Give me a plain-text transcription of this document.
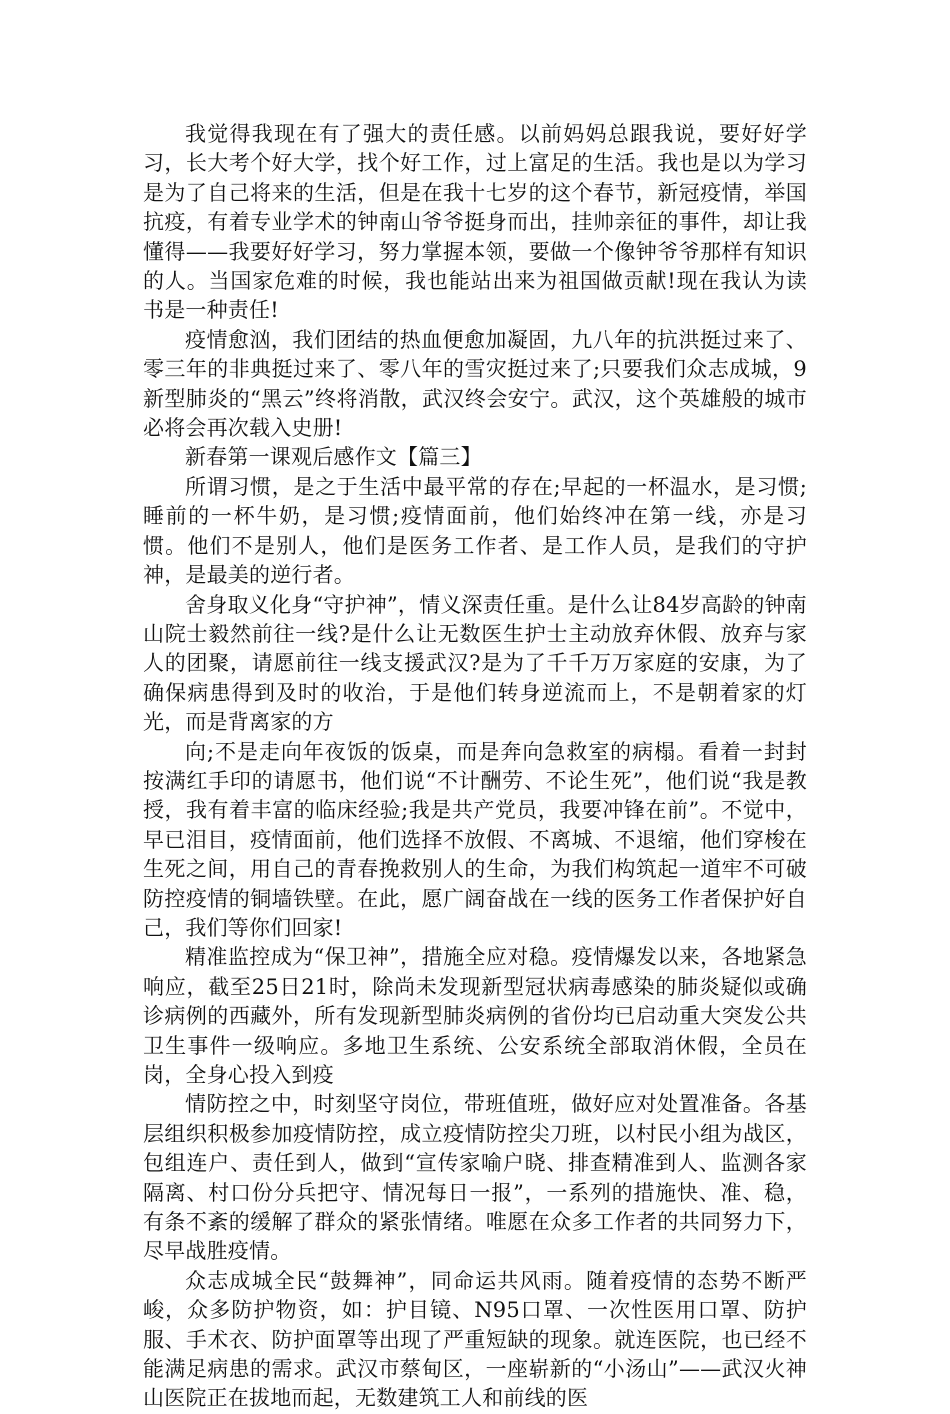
我觉得我现在有了强大的责任感。以前妈妈总跟我说，要好好学习，长大考个好大学，找个好工作，过上富足的生活。我也是以为学习是为了自己将来的生活，但是在我十七岁的这个春节，新冠疫情，举国抗疫，有着专业学术的钟南山爷爷挺身而出，挂帅亲征的事件，却让我懂得——我要好好学习，努力掌握本领，要做一个像钟爷爷那样有知识的人。当国家危难的时候，我也能站出来为祖国做贡献!现在我认为读书是一种责任!

疫情愈汹，我们团结的热血便愈加凝固，九八年的抗洪挺过来了、零三年的非典挺过来了、零八年的雪灾挺过来了;只要我们众志成城，9新型肺炎的“黑云”终将消散，武汉终会安宁。武汉，这个英雄般的城市必将会再次载入史册!

新春第一课观后感作文【篇三】

所谓习惯，是之于生活中最平常的存在;早起的一杯温水，是习惯;睡前的一杯牛奶，是习惯;疫情面前，他们始终冲在第一线，亦是习惯。他们不是别人，他们是医务工作者、是工作人员，是我们的守护神，是最美的逆行者。

舍身取义化身“守护神”，情义深责任重。是什么让84岁高龄的钟南山院士毅然前往一线?是什么让无数医生护士主动放弃休假、放弃与家人的团聚，请愿前往一线支援武汉?是为了千千万万家庭的安康，为了确保病患得到及时的收治，于是他们转身逆流而上，不是朝着家的灯光，而是背离家的方

向;不是走向年夜饭的饭桌，而是奔向急救室的病榻。看着一封封按满红手印的请愿书，他们说“不计酬劳、不论生死”，他们说“我是教授，我有着丰富的临床经验;我是共产党员，我要冲锋在前”。不觉中，早已泪目，疫情面前，他们选择不放假、不离城、不退缩，他们穿梭在生死之间，用自己的青春挽救别人的生命，为我们构筑起一道牢不可破防控疫情的铜墙铁壁。在此，愿广阔奋战在一线的医务工作者保护好自己，我们等你们回家!

精准监控成为“保卫神”，措施全应对稳。疫情爆发以来，各地紧急响应，截至25日21时，除尚未发现新型冠状病毒感染的肺炎疑似或确诊病例的西藏外，所有发现新型肺炎病例的省份均已启动重大突发公共卫生事件一级响应。多地卫生系统、公安系统全部取消休假，全员在岗，全身心投入到疫

情防控之中，时刻坚守岗位，带班值班，做好应对处置准备。各基层组织积极参加疫情防控，成立疫情防控尖刀班，以村民小组为战区，包组连户、责任到人，做到“宣传家喻户晓、排查精准到人、监测各家隔离、村口份分兵把守、情况每日一报”，一系列的措施快、准、稳，有条不紊的缓解了群众的紧张情绪。唯愿在众多工作者的共同努力下，尽早战胜疫情。

众志成城全民“鼓舞神”，同命运共风雨。随着疫情的态势不断严峻，众多防护物资，如：护目镜、N95口罩、一次性医用口罩、防护服、手术衣、防护面罩等出现了严重短缺的现象。就连医院，也已经不能满足病患的需求。武汉市蔡甸区，一座崭新的“小汤山”——武汉火神山医院正在拔地而起，无数建筑工人和前线的医
